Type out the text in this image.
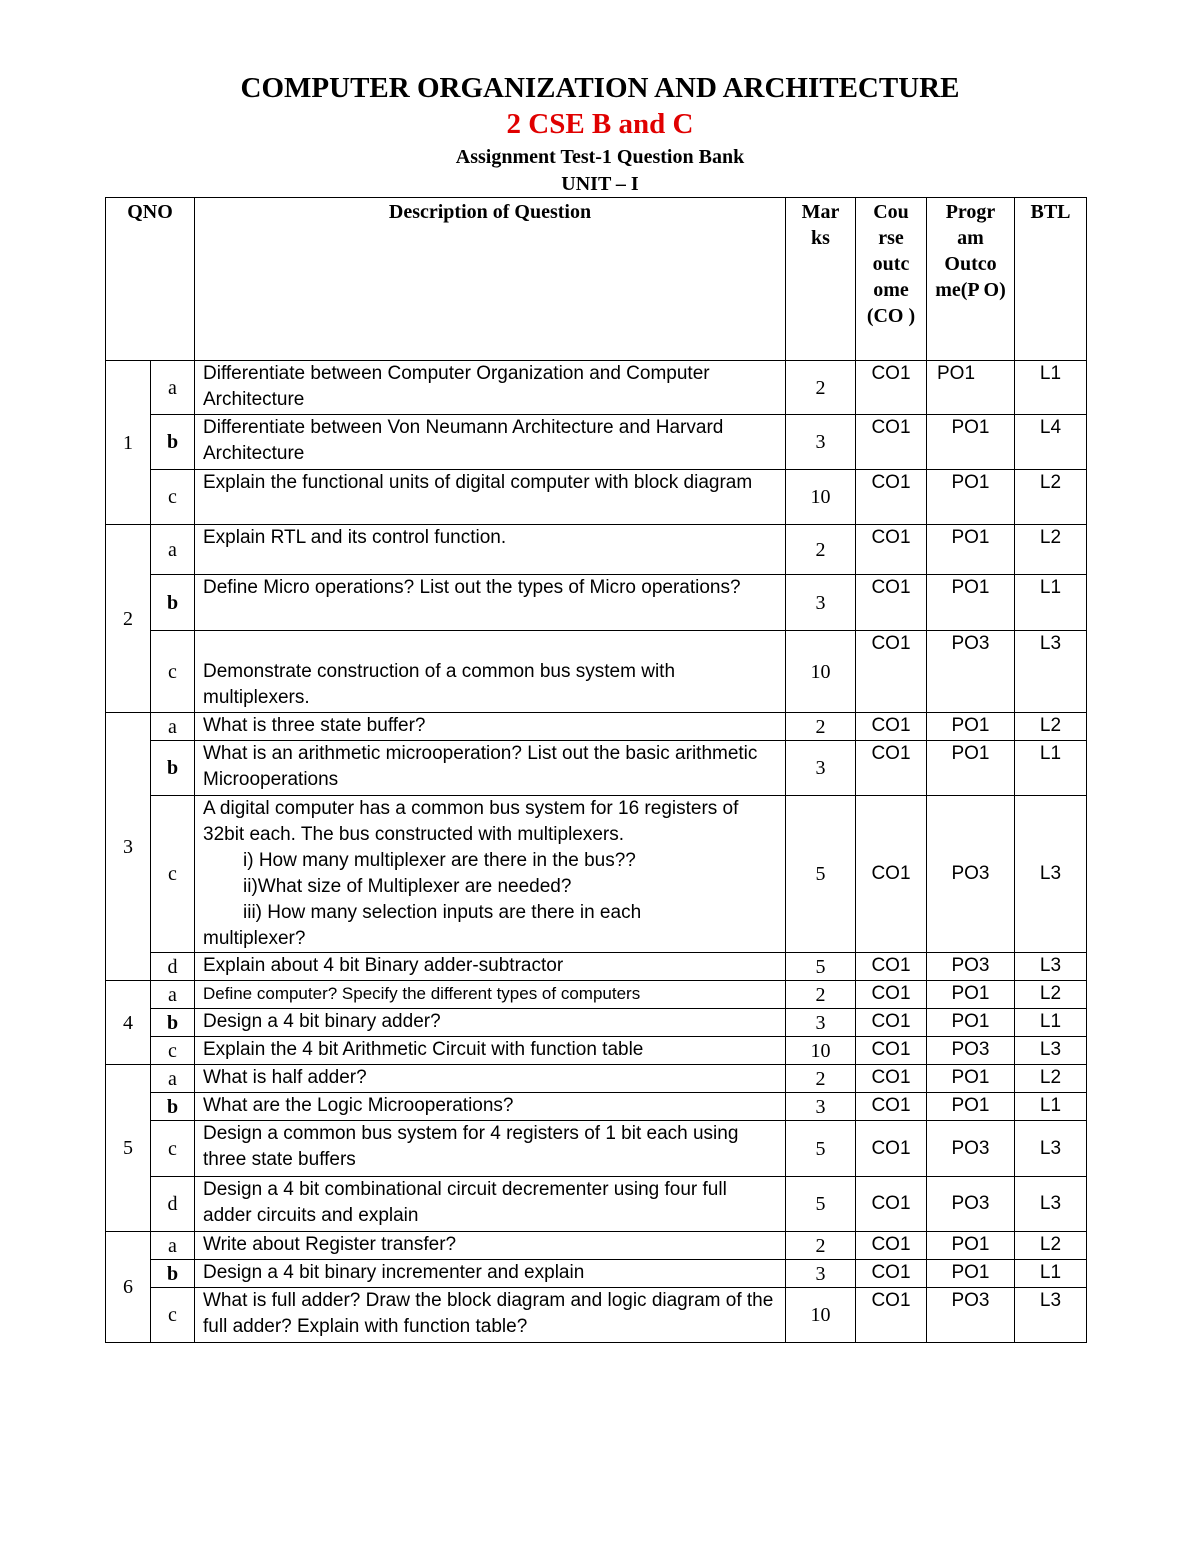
COMPUTER ORGANIZATION AND ARCHITECTURE
2 CSE B and C
Assignment Test-1 Question Bank
UNIT – I
QNO		Description of Question	Mar ks	Cou rse outc ome (CO )	Progr am Outco me(P O)	BTL
1	a	Differentiate between Computer Organization and Computer Architecture	2	CO1	PO1	L1
	b	Differentiate between Von Neumann Architecture and Harvard Architecture	3	CO1	PO1	L4
	c	Explain the functional units of digital computer with block diagram	10	CO1	PO1	L2
2	a	Explain RTL and its control function.	2	CO1	PO1	L2
	b	Define Micro operations? List out the types of Micro operations?	3	CO1	PO1	L1
	c	Demonstrate construction of a common bus system with multiplexers.	10	CO1	PO3	L3
3	a	What is three state buffer?	2	CO1	PO1	L2
	b	What is an arithmetic microoperation? List out the basic arithmetic Microoperations	3	CO1	PO1	L1
	c	A digital computer has a common bus system for 16 registers of 32bit each. The bus constructed with multiplexers.
i) How many multiplexer are there in the bus??
ii)What size of Multiplexer are needed?
iii) How many selection inputs are there in each
multiplexer?	5	CO1	PO3	L3
	d	Explain about 4 bit Binary adder-subtractor	5	CO1	PO3	L3
4	a	Define computer? Specify the different types of computers	2	CO1	PO1	L2
	b	Design a 4 bit binary adder?	3	CO1	PO1	L1
	c	Explain the 4 bit Arithmetic Circuit with function table	10	CO1	PO3	L3
5	a	What is half adder?	2	CO1	PO1	L2
	b	What are the Logic Microoperations?	3	CO1	PO1	L1
	c	Design a common bus system for 4 registers of 1 bit each using three state buffers	5	CO1	PO3	L3
	d	Design a 4 bit combinational circuit decrementer using four full adder circuits and explain	5	CO1	PO3	L3
6	a	Write about Register transfer?	2	CO1	PO1	L2
	b	Design a 4 bit binary incrementer and explain	3	CO1	PO1	L1
	c	What is full adder? Draw the block diagram and logic diagram of the full adder? Explain with function table?	10	CO1	PO3	L3
